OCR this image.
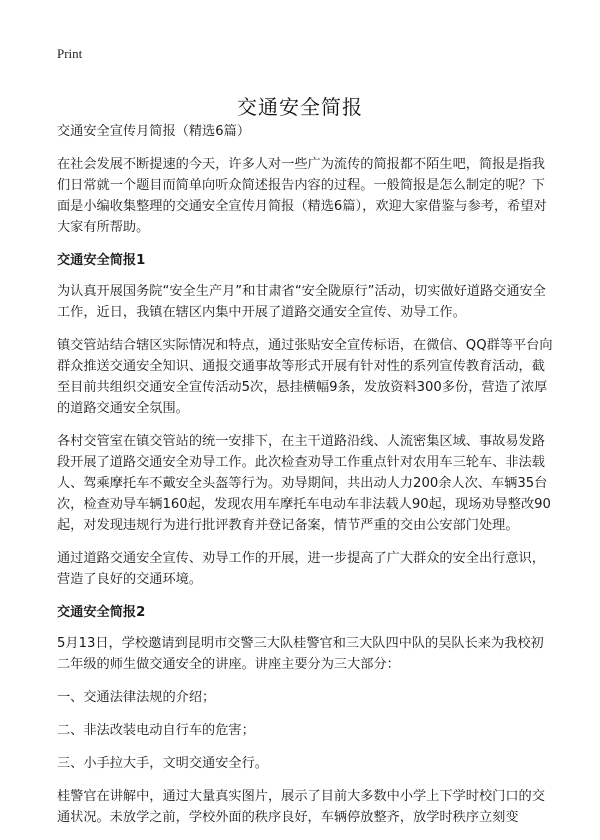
Print
交通安全简报

交通安全宣传月简报（精选6篇）

在社会发展不断提速的今天，许多人对一些广为流传的简报都不陌生吧，简报是指我们日常就一个题目而简单向听众简述报告内容的过程。一般简报是怎么制定的呢？下面是小编收集整理的交通安全宣传月简报（精选6篇），欢迎大家借鉴与参考，希望对大家有所帮助。

交通安全简报1

为认真开展国务院“安全生产月”和甘肃省“安全陇原行”活动，切实做好道路交通安全工作，近日，我镇在辖区内集中开展了道路交通安全宣传、劝导工作。

镇交管站结合辖区实际情况和特点，通过张贴安全宣传标语，在微信、QQ群等平台向群众推送交通安全知识、通报交通事故等形式开展有针对性的系列宣传教育活动，截至目前共组织交通安全宣传活动5次，悬挂横幅9条，发放资料300多份，营造了浓厚的道路交通安全氛围。

各村交管室在镇交管站的统一安排下，在主干道路沿线、人流密集区域、事故易发路段开展了道路交通安全劝导工作。此次检查劝导工作重点针对农用车三轮车、非法载人、驾乘摩托车不戴安全头盔等行为。劝导期间，共出动人力200余人次、车辆35台次，检查劝导车辆160起，发现农用车摩托车电动车非法载人90起，现场劝导整改90起，对发现违规行为进行批评教育并登记备案，情节严重的交由公安部门处理。

通过道路交通安全宣传、劝导工作的开展，进一步提高了广大群众的安全出行意识，营造了良好的交通环境。

交通安全简报2

5月13日，学校邀请到昆明市交警三大队桂警官和三大队四中队的吴队长来为我校初二年级的师生做交通安全的讲座。讲座主要分为三大部分：

一、交通法律法规的介绍；

二、非法改装电动自行车的危害；

三、小手拉大手，文明交通安全行。

桂警官在讲解中，通过大量真实图片，展示了目前大多数中小学上下学时校门口的交通状况。未放学之前，学校外面的秩序良好，车辆停放整齐，放学时秩序立刻变
